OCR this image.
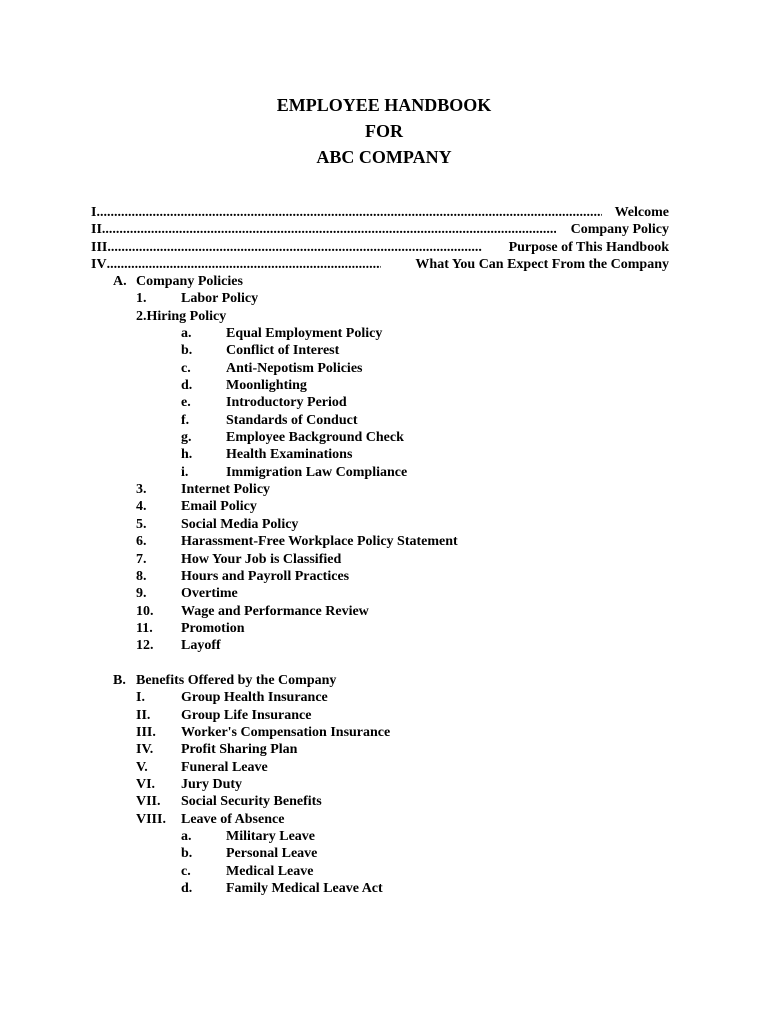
EMPLOYEE HANDBOOK

FOR

ABC COMPANY

I .....	Welcome
II .....	Company Policy
III .....	Purpose of This Handbook
IV .....	What You Can Expect From the Company
A. Company Policies
1. Labor Policy
2.Hiring Policy
a. Equal Employment Policy
b. Conflict of Interest
c.	Anti-Nepotism Policies
d. Moonlighting
e.	Introductory Period
f.	Standards of Conduct
g. Employee Background Check
h. Health Examinations
i.	Immigration Law Compliance
3. Internet Policy
4. Email Policy
5. Social Media Policy
6. Harassment-Free Workplace Policy Statement
7. How Your Job is Classified
8. Hours and Payroll Practices
9. Overtime
10. Wage and Performance Review
11. Promotion
12. Layoff
B. Benefits Offered by the Company
I.	Group Health Insurance
II. Group Life Insurance
III. Worker's Compensation Insurance
IV. Profit Sharing Plan
V. Funeral Leave
VI. Jury Duty
VII. Social Security Benefits
VIII. Leave of Absence
a. Military Leave
b. Personal Leave
c.	Medical Leave
d. Family Medical Leave Act
